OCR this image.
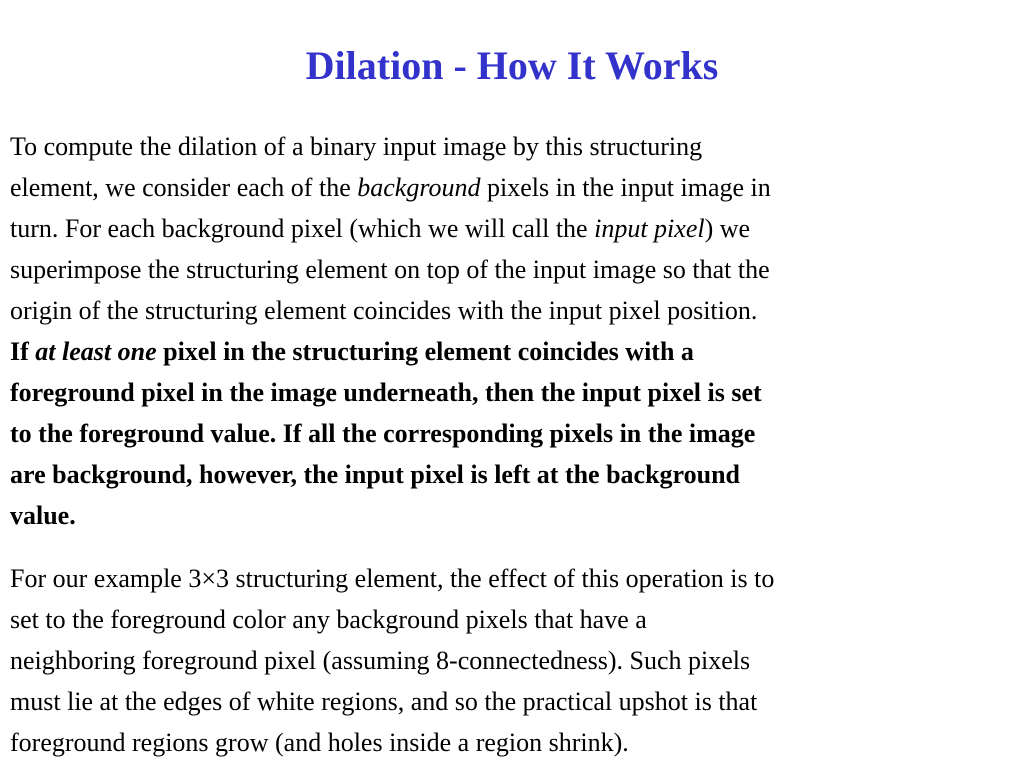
Dilation - How It Works

To compute the dilation of a binary input image by this structuring
element, we consider each of the background pixels in the input image in
turn. For each background pixel (which we will call the input pixel) we
superimpose the structuring element on top of the input image so that the
origin of the structuring element coincides with the input pixel position.
If at least one pixel in the structuring element coincides with a
foreground pixel in the image underneath, then the input pixel is set
to the foreground value. If all the corresponding pixels in the image
are background, however, the input pixel is left at the background
value.

For our example 3×3 structuring element, the effect of this operation is to
set to the foreground color any background pixels that have a
neighboring foreground pixel (assuming 8-connectedness). Such pixels
must lie at the edges of white regions, and so the practical upshot is that
foreground regions grow (and holes inside a region shrink).
